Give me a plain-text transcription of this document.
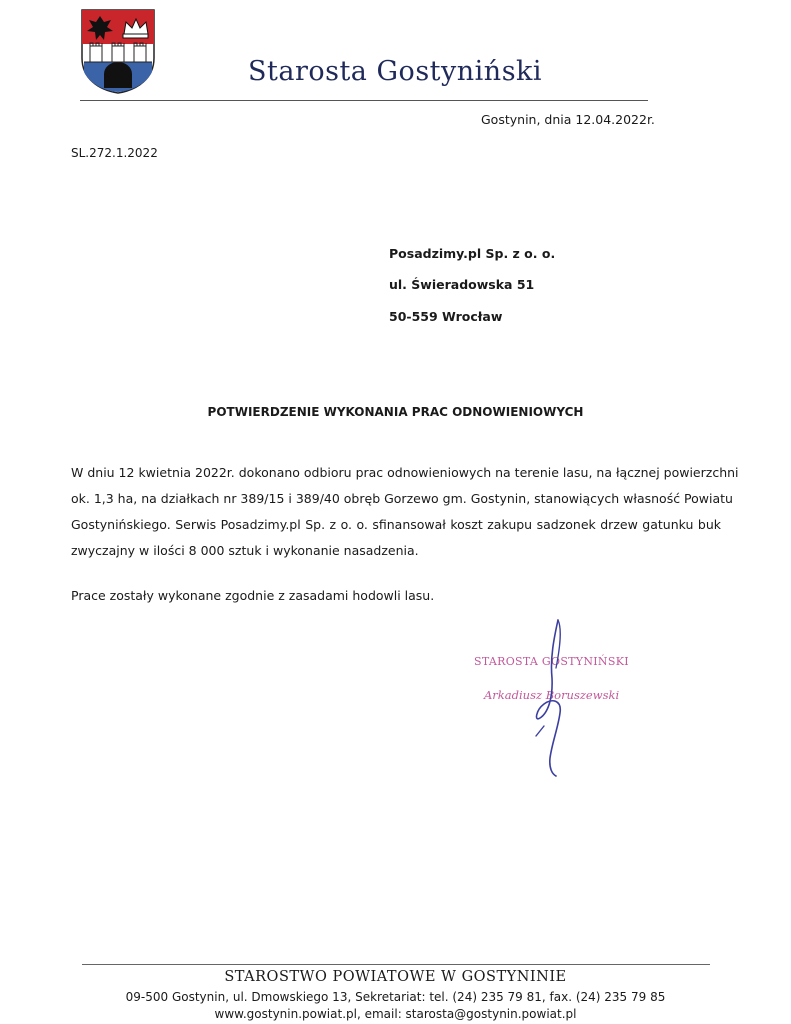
Starosta Gostyniński
Gostynin, dnia 12.04.2022r.
SL.272.1.2022
Posadzimy.pl Sp. z o. o.
ul. Świeradowska 51
50-559 Wrocław
POTWIERDZENIE WYKONANIA PRAC ODNOWIENIOWYCH
W dniu 12 kwietnia 2022r. dokonano odbioru prac odnowieniowych na terenie lasu, na łącznej powierzchni
ok. 1,3 ha, na działkach nr 389/15 i 389/40 obręb Gorzewo gm. Gostynin, stanowiących własność Powiatu
Gostynińskiego. Serwis Posadzimy.pl Sp. z o. o. sfinansował koszt zakupu sadzonek drzew gatunku buk
zwyczajny w ilości 8 000 sztuk i wykonanie nasadzenia.
Prace zostały wykonane zgodnie z zasadami hodowli lasu.
STAROSTA GOSTYNIŃSKI
Arkadiusz Boruszewski
STAROSTWO POWIATOWE W GOSTYNINIE
09-500 Gostynin, ul. Dmowskiego 13, Sekretariat: tel. (24) 235 79 81, fax. (24) 235 79 85
www.gostynin.powiat.pl, email: starosta@gostynin.powiat.pl
